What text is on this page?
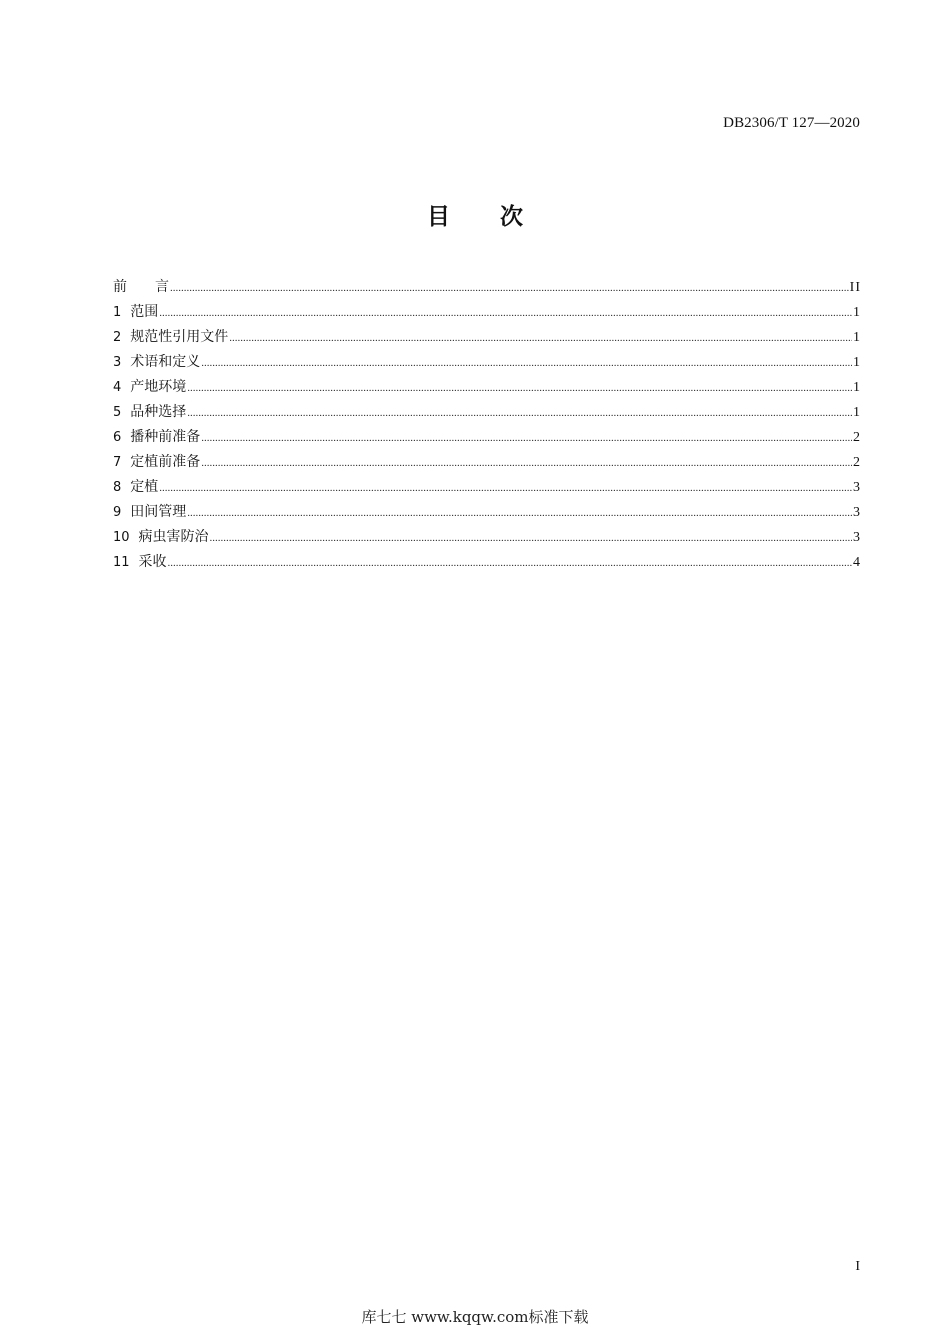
DB2306/T 127—2020
目 次
前　　言 .....	II
1 范围 .....	1
2 规范性引用文件 .....	1
3 术语和定义 .....	1
4 产地环境 .....	1
5 品种选择 .....	1
6 播种前准备 .....	2
7 定植前准备 .....	2
8 定植 .....	3
9 田间管理 .....	3
10 病虫害防治 .....	3
11 采收 .....	4
I
库七七 www.kqqw.com标准下载
